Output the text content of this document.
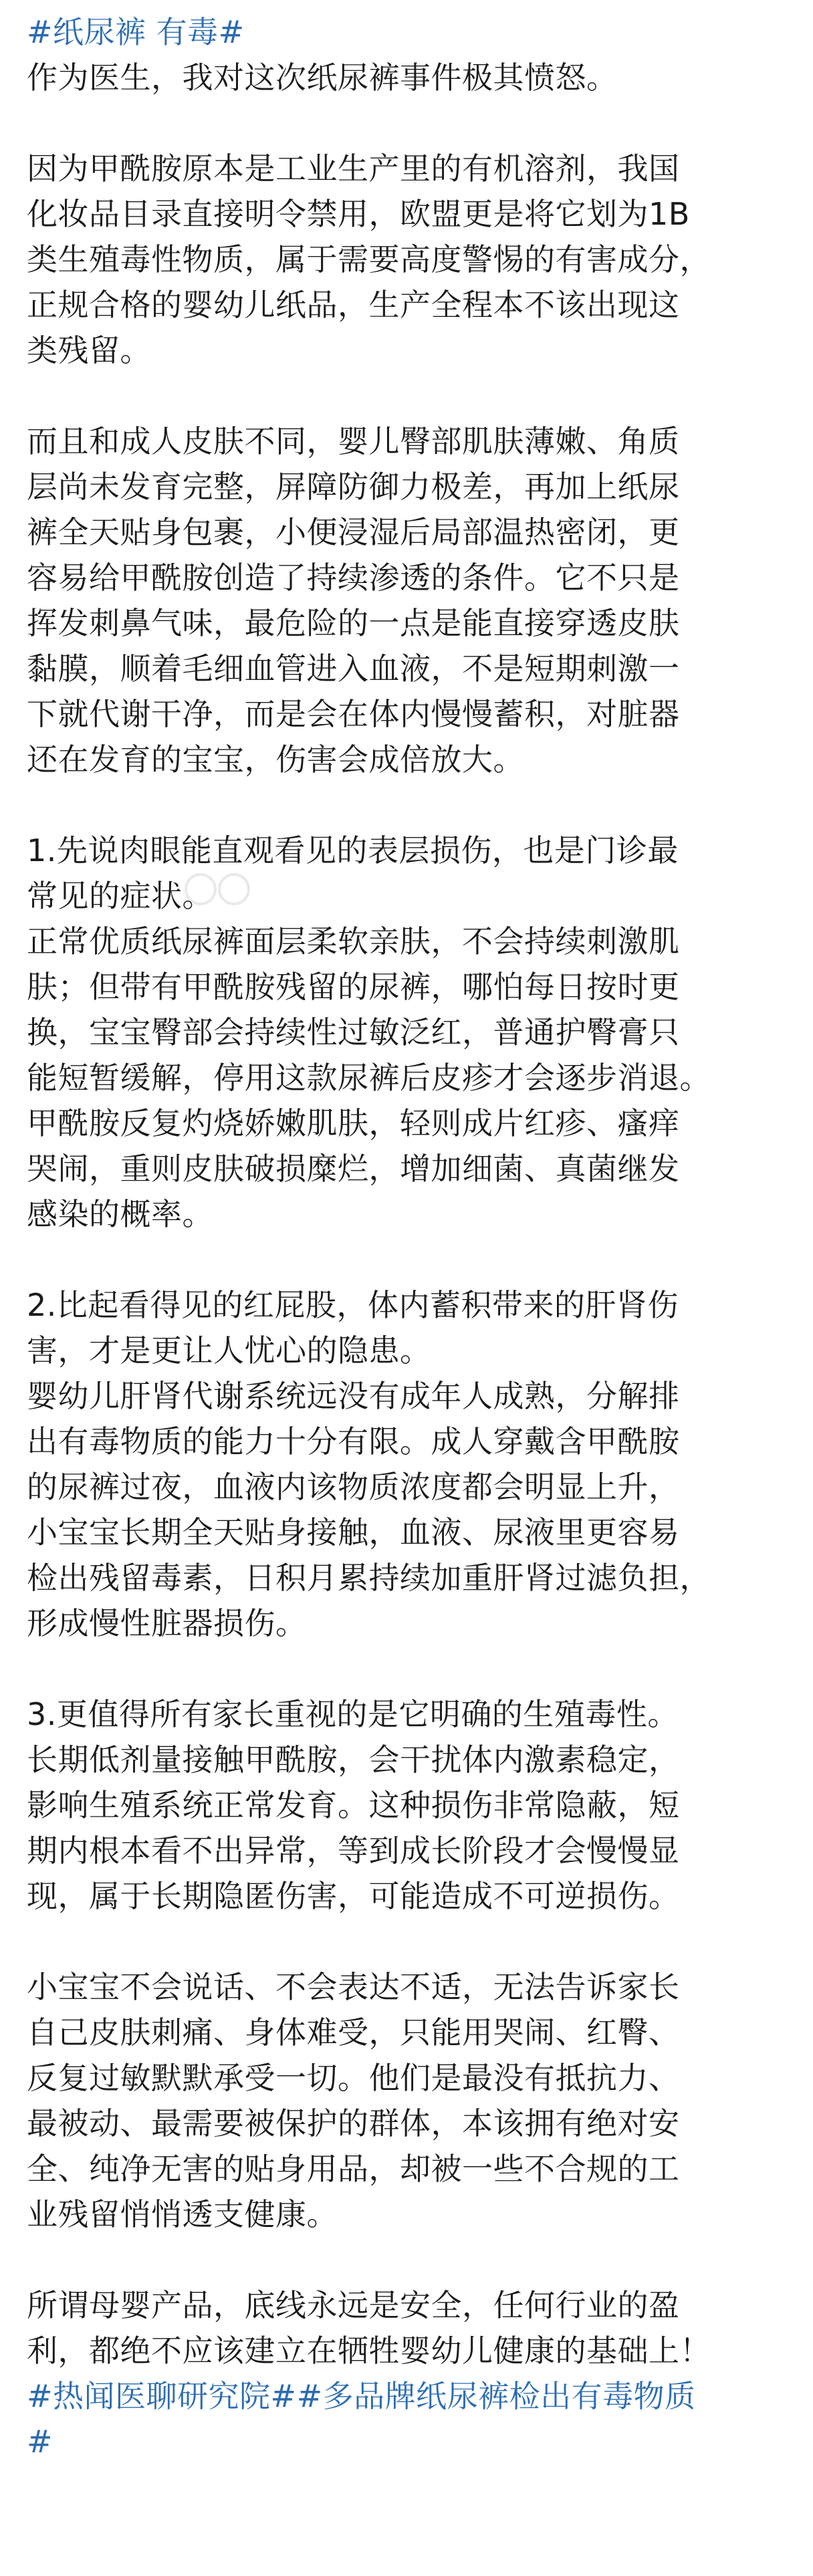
#纸尿裤 有毒#
作为医生，我对这次纸尿裤事件极其愤怒。
因为甲酰胺原本是工业生产里的有机溶剂，我国
化妆品目录直接明令禁用，欧盟更是将它划为1B
类生殖毒性物质，属于需要高度警惕的有害成分，
正规合格的婴幼儿纸品，生产全程本不该出现这
类残留。
而且和成人皮肤不同，婴儿臀部肌肤薄嫩、角质
层尚未发育完整，屏障防御力极差，再加上纸尿
裤全天贴身包裹，小便浸湿后局部温热密闭，更
容易给甲酰胺创造了持续渗透的条件。它不只是
挥发刺鼻气味，最危险的一点是能直接穿透皮肤
黏膜，顺着毛细血管进入血液，不是短期刺激一
下就代谢干净，而是会在体内慢慢蓄积，对脏器
还在发育的宝宝，伤害会成倍放大。
1.先说肉眼能直观看见的表层损伤，也是门诊最
常见的症状。
正常优质纸尿裤面层柔软亲肤，不会持续刺激肌
肤；但带有甲酰胺残留的尿裤，哪怕每日按时更
换，宝宝臀部会持续性过敏泛红，普通护臀膏只
能短暂缓解，停用这款尿裤后皮疹才会逐步消退。
甲酰胺反复灼烧娇嫩肌肤，轻则成片红疹、瘙痒
哭闹，重则皮肤破损糜烂，增加细菌、真菌继发
感染的概率。
2.比起看得见的红屁股，体内蓄积带来的肝肾伤
害，才是更让人忧心的隐患。
婴幼儿肝肾代谢系统远没有成年人成熟，分解排
出有毒物质的能力十分有限。成人穿戴含甲酰胺
的尿裤过夜，血液内该物质浓度都会明显上升，
小宝宝长期全天贴身接触，血液、尿液里更容易
检出残留毒素，日积月累持续加重肝肾过滤负担，
形成慢性脏器损伤。
3.更值得所有家长重视的是它明确的生殖毒性。
长期低剂量接触甲酰胺，会干扰体内激素稳定，
影响生殖系统正常发育。这种损伤非常隐蔽，短
期内根本看不出异常，等到成长阶段才会慢慢显
现，属于长期隐匿伤害，可能造成不可逆损伤。
小宝宝不会说话、不会表达不适，无法告诉家长
自己皮肤刺痛、身体难受，只能用哭闹、红臀、
反复过敏默默承受一切。他们是最没有抵抗力、
最被动、最需要被保护的群体，本该拥有绝对安
全、纯净无害的贴身用品，却被一些不合规的工
业残留悄悄透支健康。
所谓母婴产品，底线永远是安全，任何行业的盈
利，都绝不应该建立在牺牲婴幼儿健康的基础上！
#热闻医聊研究院##多品牌纸尿裤检出有毒物质
#
